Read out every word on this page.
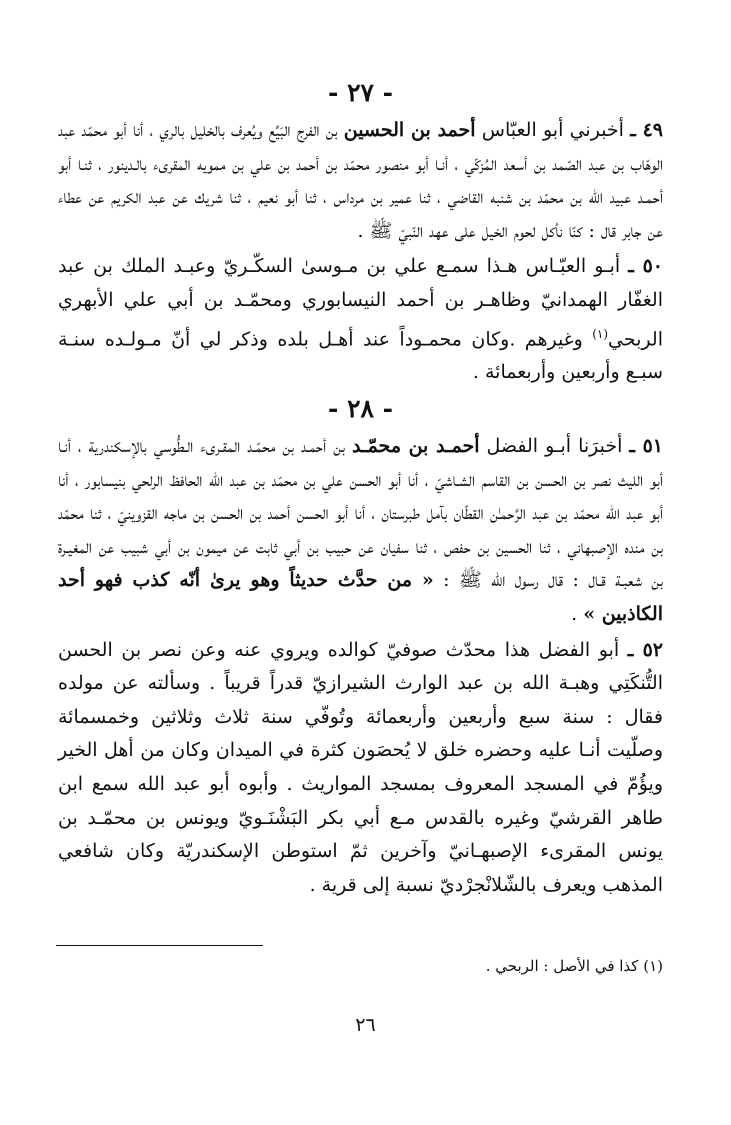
- ٢٧ -

٤٩ ـ أخبرني أبو العبّاس أحمد بن الحسين بن الفرج البَيِّع ويُعرف بالخليل بالري ، أنا أبو محمّد عبد الوهّاب بن عبد الصّمد بن أسعد المُزكّي ، أنـا أبو منصور محمّد بن أحمد بن علي بن ممويه المقرىء بالـدينور ، ثنـا أبو أحمـد عبيد الله بن محمّد بن شنبه القاضي ، ثنا عمير بن مرداس ، ثنا أبو نعيم ، ثنا شريك عن عبد الكريم عن عطاء عن جابر قال : كنّا نأكل لحوم الخيل على عهد النّبيّ ﷺ .

٥٠ ـ أبـو العبّـاس هـذا سمـع علي بن مـوسىٰ السكّـريّ وعبـد الملك بن عبد الغفّار الهمدانيّ وظاهـر بن أحمد النيسابوري ومحمّـد بن أبي علي الأبهري الربحي$^{(١)}$ وغيرهم .وكان محمـوداً عند أهـل بلده وذكر لي أنّ مـولـده سنـة سبـع وأربعين وأربعمائة .

- ٢٨ -

٥١ ـ أخبرَنا أبـو الفضل أحمـد بن محمّـد بن أحمـد بن محمّـد المقـرىء الـطُّوسي بالإسكندرية ، أنـا أبو الليث نصر بن الحسن بن القاسم الشـاشيّ ، أنا أبو الحسن علي بن محمّد بن عبد الله الحافظ الرلحي بنيسابور ، أنا أبو عبد الله محمّد بن عبد الرَّحمـٰن القطّان بآمل طبرستان ، أنا أبو الحسن أحمد بن الحسن بن ماجه القزوينيّ ، ثنا محمّد بن منده الإصبهاني ، ثنا الحسين بن حفص ، ثنا سفيان عن حبيب بن أبي ثابت عن ميمون بن أبي شبيب عن المغيـرة بن شعبـة قـال : قال رسول الله ﷺ : « من حدَّث حديثاً وهو يرىٰ أنّه كذب فهو أحد الكاذبين » .

٥٢ ـ أبو الفضل هذا محدّث صوفيّ كوالده ويروي عنه وعن نصر بن الحسن التُّنكَتِي وهبـة الله بن عبد الوارث الشيرازيّ قدراً قريباً . وسألته عن مولده فقال : سنة سبع وأربعين وأربعمائة وتُوفّي سنة ثلاث وثلاثين وخمسمائة وصلّيت أنـا عليه وحضره خلق لا يُحصَون كثرة في الميدان وكان من أهل الخير ويؤُمّ في المسجد المعروف بمسجد المواريث . وأبوه أبو عبد الله سمع ابن طاهر القرشيّ وغيره بالقدس مـع أبي بكر البَشْنَـويّ ويونس بن محمّـد بن يونس المقرىء الإصبهـانيّ وآخرين ثمّ استوطن الإسكندريّة وكان شافعي المذهب ويعرف بالشّلانْجرْديّ نسبة إلى قرية .

(١) كذا في الأصل : الربحي .
٢٦
